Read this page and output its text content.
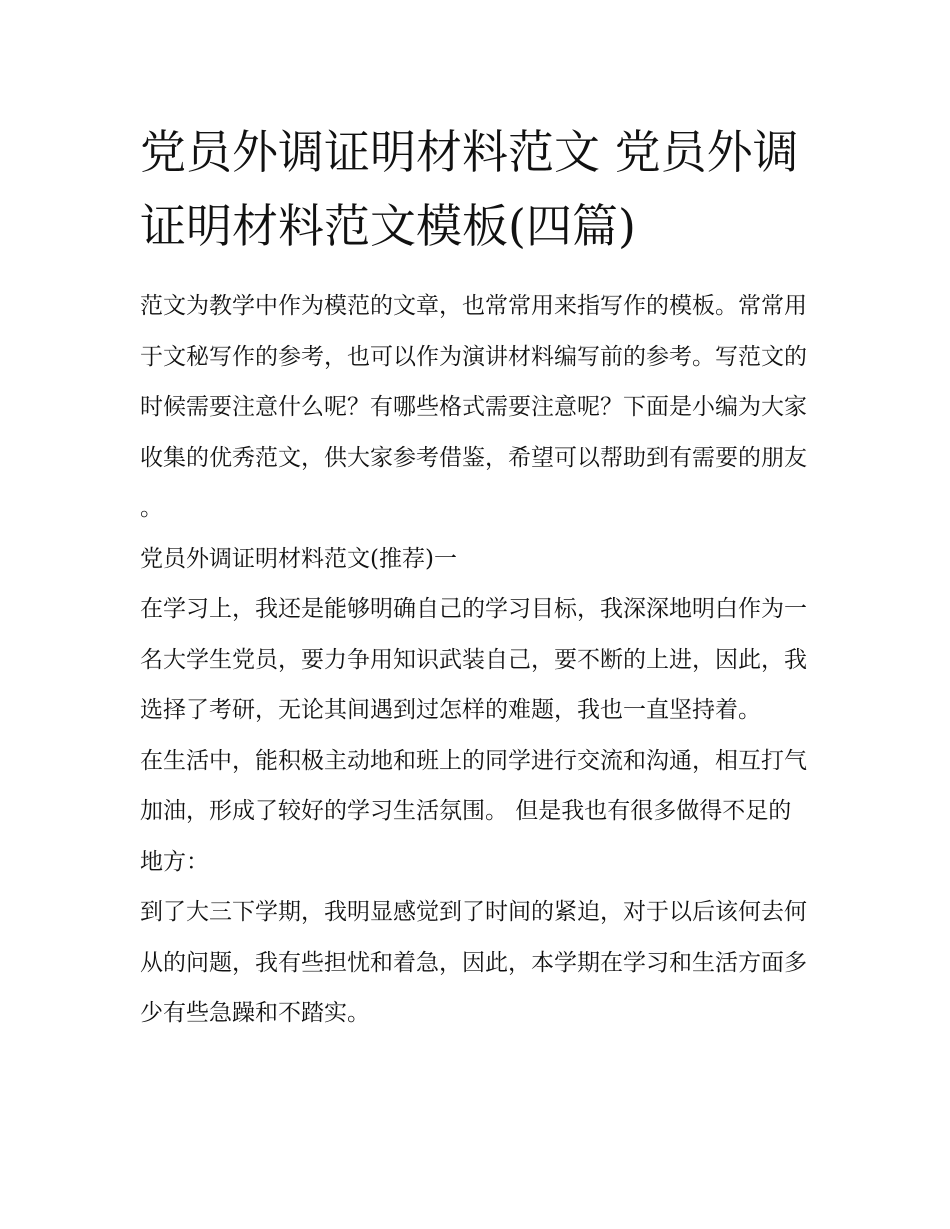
党员外调证明材料范文 党员外调证明材料范文模板(四篇)

范文为教学中作为模范的文章，也常常用来指写作的模板。常常用于文秘写作的参考，也可以作为演讲材料编写前的参考。写范文的时候需要注意什么呢？有哪些格式需要注意呢？下面是小编为大家收集的优秀范文，供大家参考借鉴，希望可以帮助到有需要的朋友。

党员外调证明材料范文(推荐)一

在学习上，我还是能够明确自己的学习目标，我深深地明白作为一名大学生党员，要力争用知识武装自己，要不断的上进，因此，我选择了考研，无论其间遇到过怎样的难题，我也一直坚持着。

在生活中，能积极主动地和班上的同学进行交流和沟通，相互打气加油，形成了较好的学习生活氛围。 但是我也有很多做得不足的地方：

到了大三下学期，我明显感觉到了时间的紧迫，对于以后该何去何从的问题，我有些担忧和着急，因此，本学期在学习和生活方面多少有些急躁和不踏实。
